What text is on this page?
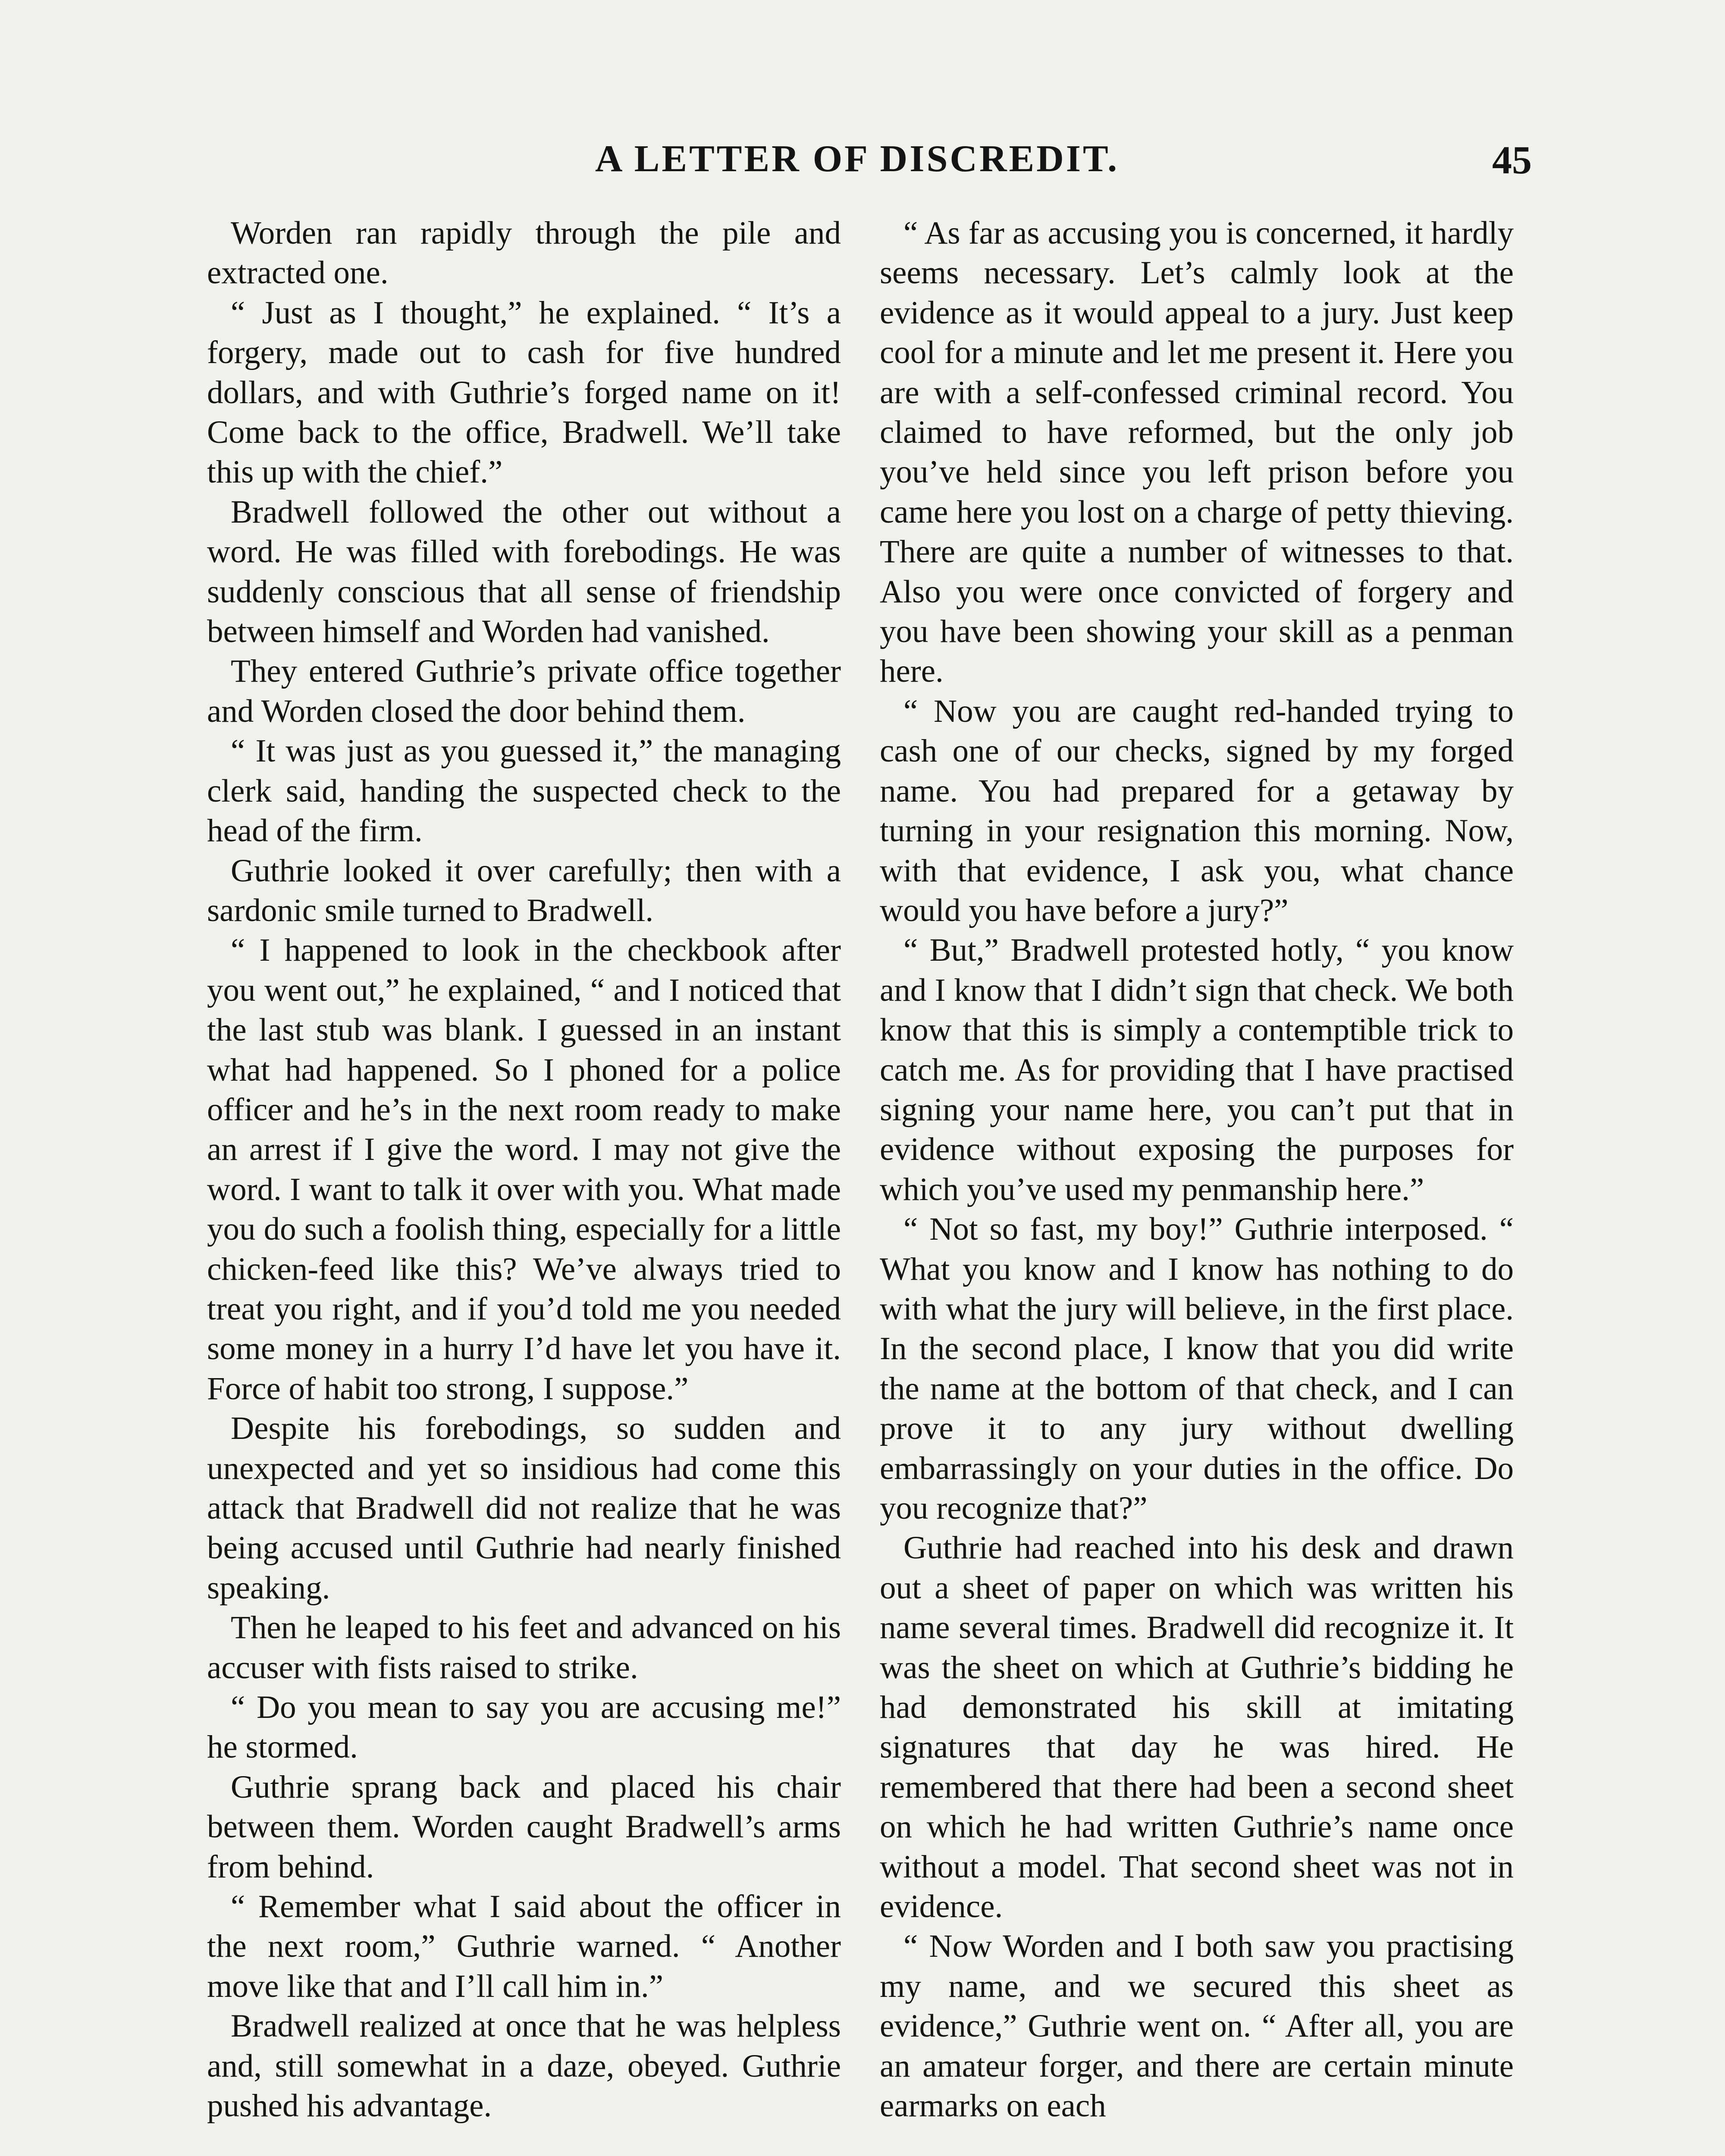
A LETTER OF DISCREDIT.	45

Worden ran rapidly through the pile and extracted one.

“ Just as I thought,” he explained. “ It’s a forgery, made out to cash for five hundred dollars, and with Guthrie’s forged name on it! Come back to the office, Bradwell. We’ll take this up with the chief.”

Bradwell followed the other out without a word. He was filled with forebodings. He was suddenly conscious that all sense of friendship between himself and Worden had vanished.

They entered Guthrie’s private office together and Worden closed the door behind them.

“ It was just as you guessed it,” the managing clerk said, handing the suspected check to the head of the firm.

Guthrie looked it over carefully; then with a sardonic smile turned to Bradwell.

“ I happened to look in the checkbook after you went out,” he explained, “ and I noticed that the last stub was blank. I guessed in an instant what had happened. So I phoned for a police officer and he’s in the next room ready to make an arrest if I give the word. I may not give the word. I want to talk it over with you. What made you do such a foolish thing, especially for a little chicken-feed like this? We’ve always tried to treat you right, and if you’d told me you needed some money in a hurry I’d have let you have it. Force of habit too strong, I suppose.”

Despite his forebodings, so sudden and unexpected and yet so insidious had come this attack that Bradwell did not realize that he was being accused until Guthrie had nearly finished speaking.

Then he leaped to his feet and advanced on his accuser with fists raised to strike.

“ Do you mean to say you are accusing me!” he stormed.

Guthrie sprang back and placed his chair between them. Worden caught Bradwell’s arms from behind.

“ Remember what I said about the officer in the next room,” Guthrie warned. “ Another move like that and I’ll call him in.”

Bradwell realized at once that he was helpless and, still somewhat in a daze, obeyed. Guthrie pushed his advantage.

“ As far as accusing you is concerned, it hardly seems necessary. Let’s calmly look at the evidence as it would appeal to a jury. Just keep cool for a minute and let me present it. Here you are with a self-confessed criminal record. You claimed to have reformed, but the only job you’ve held since you left prison before you came here you lost on a charge of petty thieving. There are quite a number of witnesses to that. Also you were once convicted of forgery and you have been showing your skill as a penman here.

“ Now you are caught red-handed trying to cash one of our checks, signed by my forged name. You had prepared for a getaway by turning in your resignation this morning. Now, with that evidence, I ask you, what chance would you have before a jury?”

“ But,” Bradwell protested hotly, “ you know and I know that I didn’t sign that check. We both know that this is simply a contemptible trick to catch me. As for providing that I have practised signing your name here, you can’t put that in evidence without exposing the purposes for which you’ve used my penmanship here.”

“ Not so fast, my boy!” Guthrie interposed. “ What you know and I know has nothing to do with what the jury will believe, in the first place. In the second place, I know that you did write the name at the bottom of that check, and I can prove it to any jury without dwelling embarrassingly on your duties in the office. Do you recognize that?”

Guthrie had reached into his desk and drawn out a sheet of paper on which was written his name several times. Bradwell did recognize it. It was the sheet on which at Guthrie’s bidding he had demonstrated his skill at imitating signatures that day he was hired. He remembered that there had been a second sheet on which he had written Guthrie’s name once without a model. That second sheet was not in evidence.

“ Now Worden and I both saw you practising my name, and we secured this sheet as evidence,” Guthrie went on. “ After all, you are an amateur forger, and there are certain minute earmarks on each
